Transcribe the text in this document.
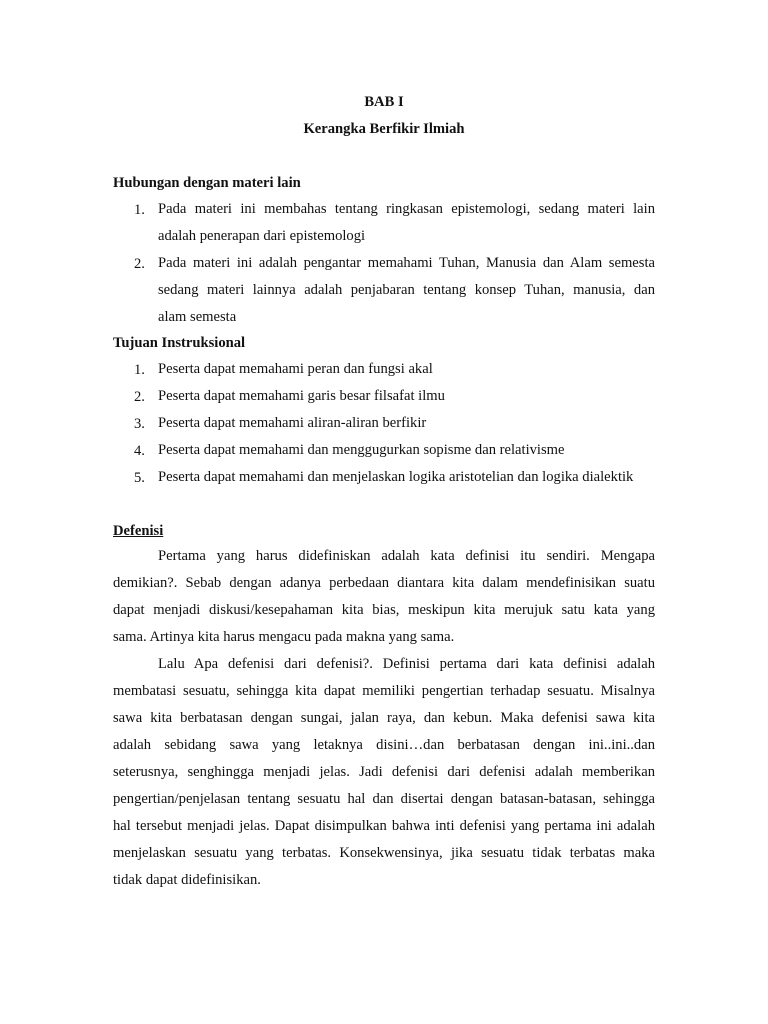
BAB I
Kerangka Berfikir Ilmiah
Hubungan dengan materi lain
1. Pada materi ini membahas tentang ringkasan epistemologi, sedang materi lain
adalah penerapan dari epistemologi
2. Pada materi ini adalah pengantar memahami Tuhan, Manusia dan Alam semesta
sedang materi lainnya adalah penjabaran tentang konsep Tuhan, manusia, dan
alam semesta
Tujuan Instruksional
1. Peserta dapat memahami peran dan fungsi akal
2. Peserta dapat memahami garis besar filsafat ilmu
3. Peserta dapat memahami aliran-aliran berfikir
4. Peserta dapat memahami dan menggugurkan sopisme dan relativisme
5. Peserta dapat memahami dan menjelaskan logika aristotelian dan logika dialektik
Defenisi
Pertama yang harus didefiniskan adalah kata definisi itu sendiri. Mengapa
demikian?. Sebab dengan adanya perbedaan diantara kita dalam mendefinisikan suatu
dapat menjadi diskusi/kesepahaman kita bias, meskipun kita merujuk satu kata yang
sama. Artinya kita harus mengacu pada makna yang sama.
Lalu Apa defenisi dari defenisi?. Definisi pertama dari kata definisi adalah
membatasi sesuatu, sehingga kita dapat memiliki pengertian terhadap sesuatu. Misalnya
sawa kita berbatasan dengan sungai, jalan raya, dan kebun. Maka defenisi sawa kita
adalah sebidang sawa yang letaknya disini…dan berbatasan dengan ini..ini..dan
seterusnya, senghingga menjadi jelas. Jadi defenisi dari defenisi adalah memberikan
pengertian/penjelasan tentang sesuatu hal dan disertai dengan batasan-batasan, sehingga
hal tersebut menjadi jelas. Dapat disimpulkan bahwa inti defenisi yang pertama ini adalah
menjelaskan sesuatu yang terbatas. Konsekwensinya, jika sesuatu tidak terbatas maka
tidak dapat didefinisikan.
